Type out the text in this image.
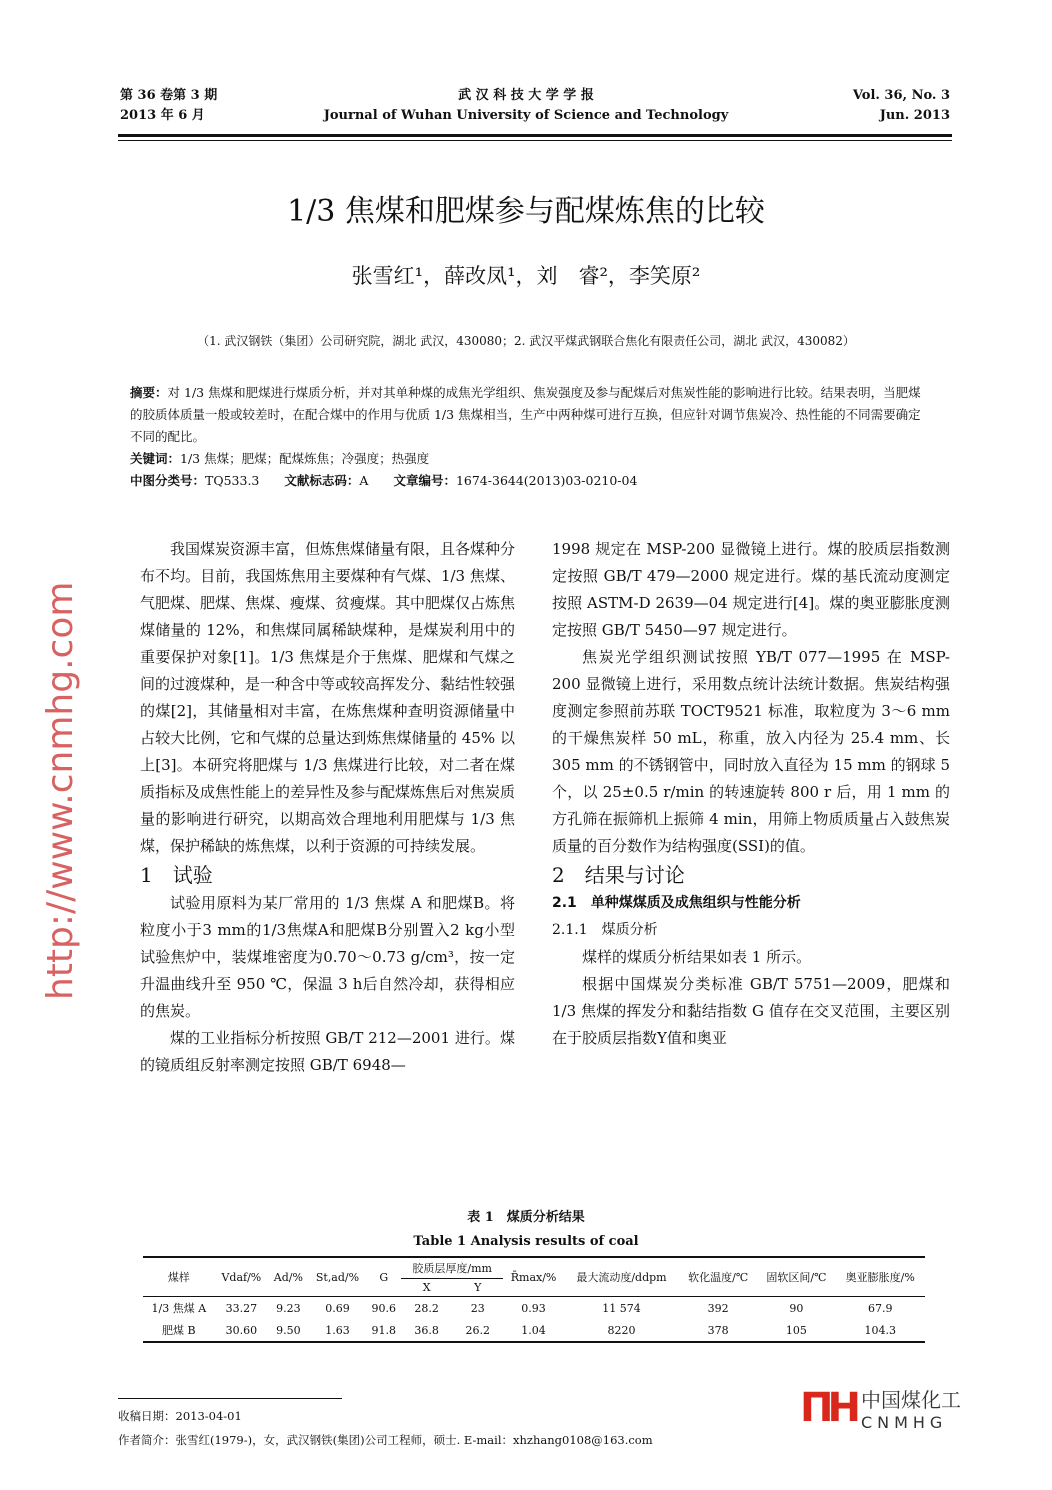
第 36 卷第 3 期
2013 年 6 月
武 汉 科 技 大 学 学 报
Journal of Wuhan University of Science and Technology
Vol. 36, No. 3
Jun. 2013
1/3 焦煤和肥煤参与配煤炼焦的比较
张雪红¹，薛改凤¹，刘　睿²，李笑原²
（1. 武汉钢铁（集团）公司研究院，湖北 武汉，430080；2. 武汉平煤武钢联合焦化有限责任公司，湖北 武汉，430082）
摘要：对 1/3 焦煤和肥煤进行煤质分析，并对其单种煤的成焦光学组织、焦炭强度及参与配煤后对焦炭性能的影响进行比较。结果表明，当肥煤的胶质体质量一般或较差时，在配合煤中的作用与优质 1/3 焦煤相当，生产中两种煤可进行互换，但应针对调节焦炭冷、热性能的不同需要确定不同的配比。
关键词：1/3 焦煤；肥煤；配煤炼焦；冷强度；热强度
中图分类号：TQ533.3   文献标志码：A   文章编号：1674-3644(2013)03-0210-04

我国煤炭资源丰富，但炼焦煤储量有限，且各煤种分布不均。目前，我国炼焦用主要煤种有气煤、1/3 焦煤、气肥煤、肥煤、焦煤、瘦煤、贫瘦煤。其中肥煤仅占炼焦煤储量的 12%，和焦煤同属稀缺煤种，是煤炭利用中的重要保护对象[1]。1/3 焦煤是介于焦煤、肥煤和气煤之间的过渡煤种，是一种含中等或较高挥发分、黏结性较强的煤[2]，其储量相对丰富，在炼焦煤种查明资源储量中占较大比例，它和气煤的总量达到炼焦煤储量的 45% 以上[3]。本研究将肥煤与 1/3 焦煤进行比较，对二者在煤质指标及成焦性能上的差异性及参与配煤炼焦后对焦炭质量的影响进行研究，以期高效合理地利用肥煤与 1/3 焦煤，保护稀缺的炼焦煤，以利于资源的可持续发展。

1　试验

试验用原料为某厂常用的 1/3 焦煤 A 和肥煤B。将粒度小于3 mm的1/3焦煤A和肥煤B分别置入2 kg小型试验焦炉中，装煤堆密度为0.70～0.73 g/cm³，按一定升温曲线升至 950 ℃，保温 3 h后自然冷却，获得相应的焦炭。

煤的工业指标分析按照 GB/T 212—2001 进行。煤的镜质组反射率测定按照 GB/T 6948—

1998 规定在 MSP-200 显微镜上进行。煤的胶质层指数测定按照 GB/T 479—2000 规定进行。煤的基氏流动度测定按照 ASTM-D 2639—04 规定进行[4]。煤的奥亚膨胀度测定按照 GB/T 5450—97 规定进行。

焦炭光学组织测试按照 YB/T 077—1995 在 MSP-200 显微镜上进行，采用数点统计法统计数据。焦炭结构强度测定参照前苏联 TOCT9521 标准，取粒度为 3～6 mm 的干燥焦炭样 50 mL，称重，放入内径为 25.4 mm、长 305 mm 的不锈钢管中，同时放入直径为 15 mm 的钢球 5 个，以 25±0.5 r/min 的转速旋转 800 r 后，用 1 mm 的方孔筛在振筛机上振筛 4 min，用筛上物质质量占入鼓焦炭质量的百分数作为结构强度(SSI)的值。

2　结果与讨论

2.1　单种煤煤质及成焦组织与性能分析

2.1.1　煤质分析

煤样的煤质分析结果如表 1 所示。

根据中国煤炭分类标准 GB/T 5751—2009，肥煤和 1/3 焦煤的挥发分和黏结指数 G 值存在交叉范围，主要区别在于胶质层指数Y值和奥亚

表 1　煤质分析结果
Table 1 Analysis results of coal
煤样	Vdaf/%	Ad/%	St,ad/%	G	胶质层厚度/mm		R̄max/%	最大流动度/ddpm	软化温度/℃	固软区间/℃	奥亚膨胀度/%
					X	Y					
1/3 焦煤 A	33.27	9.23	0.69	90.6	28.2	23	0.93	11 574	392	90	67.9
肥煤 B	30.60	9.50	1.63	91.8	36.8	26.2	1.04	8220	378	105	104.3
ΠΗ 中国煤化工
CNMHG
http://www.cnmhg.com
收稿日期：2013-04-01
作者简介：张雪红(1979-)，女，武汉钢铁(集团)公司工程师，硕士. E-mail：xhzhang0108@163.com
